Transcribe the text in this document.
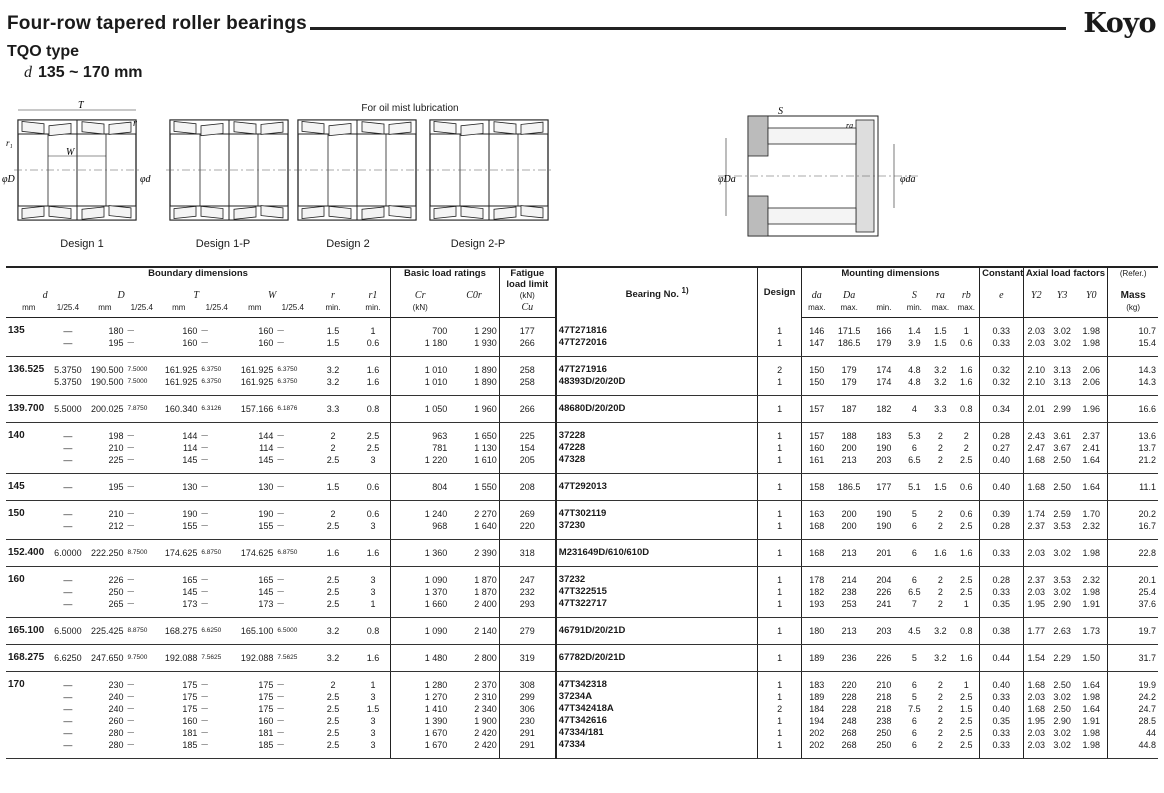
Four-row tapered roller bearings	Koyo
TQO type
d 135 ~ 170 mm
For oil mist lubrication
T
r
r₁
W
φD	φd
S
ra
φDa	φda
Design 1	Design 1-P	Design 2	Design 2-P
Boundary dimensions										Basic load ratings		Fatigue load limit	Bearing No. $^{1)}$	Design	Mounting dimensions						Constant	Axial load factors			(Refer.)
d		D		T		W		r	r1	Cr	C0r	(kN)			da	Da		S	ra	rb	e	Y2	Y3	Y0	Mass
mm	1/25.4	mm	1/25.4	mm	1/25.4	mm	1/25.4	min.	min.	(kN)		Cu			max.	max.	min.	min.	max.	max.					(kg)
135	—	180	—	160	—	160	—	1.5	1	700	1 290	177	47T271816	1	146	171.5	166	1.4	1.5	1	0.33	2.03	3.02	1.98	10.7
	—	195	—	160	—	160	—	1.5	0.6	1 180	1 930	266	47T272016	1	147	186.5	179	3.9	1.5	0.6	0.33	2.03	3.02	1.98	15.4
136.525	5.3750	190.500	7.5000	161.925	6.3750	161.925	6.3750	3.2	1.6	1 010	1 890	258	47T271916	2	150	179	174	4.8	3.2	1.6	0.32	2.10	3.13	2.06	14.3
	5.3750	190.500	7.5000	161.925	6.3750	161.925	6.3750	3.2	1.6	1 010	1 890	258	48393D/20/20D	1	150	179	174	4.8	3.2	1.6	0.32	2.10	3.13	2.06	14.3
139.700	5.5000	200.025	7.8750	160.340	6.3126	157.166	6.1876	3.3	0.8	1 050	1 960	266	48680D/20/20D	1	157	187	182	4	3.3	0.8	0.34	2.01	2.99	1.96	16.6
140	—	198	—	144	—	144	—	2	2.5	963	1 650	225	37228	1	157	188	183	5.3	2	2	0.28	2.43	3.61	2.37	13.6
	—	210	—	114	—	114	—	2	2.5	781	1 130	154	47228	1	160	200	190	6	2	2	0.27	2.47	3.67	2.41	13.7
	—	225	—	145	—	145	—	2.5	3	1 220	1 610	205	47328	1	161	213	203	6.5	2	2.5	0.40	1.68	2.50	1.64	21.2
145	—	195	—	130	—	130	—	1.5	0.6	804	1 550	208	47T292013	1	158	186.5	177	5.1	1.5	0.6	0.40	1.68	2.50	1.64	11.1
150	—	210	—	190	—	190	—	2	0.6	1 240	2 270	269	47T302119	1	163	200	190	5	2	0.6	0.39	1.74	2.59	1.70	20.2
	—	212	—	155	—	155	—	2.5	3	968	1 640	220	37230	1	168	200	190	6	2	2.5	0.28	2.37	3.53	2.32	16.7
152.400	6.0000	222.250	8.7500	174.625	6.8750	174.625	6.8750	1.6	1.6	1 360	2 390	318	M231649D/610/610D	1	168	213	201	6	1.6	1.6	0.33	2.03	3.02	1.98	22.8
160	—	226	—	165	—	165	—	2.5	3	1 090	1 870	247	37232	1	178	214	204	6	2	2.5	0.28	2.37	3.53	2.32	20.1
	—	250	—	145	—	145	—	2.5	3	1 370	1 870	232	47T322515	1	182	238	226	6.5	2	2.5	0.33	2.03	3.02	1.98	25.4
	—	265	—	173	—	173	—	2.5	1	1 660	2 400	293	47T322717	1	193	253	241	7	2	1	0.35	1.95	2.90	1.91	37.6
165.100	6.5000	225.425	8.8750	168.275	6.6250	165.100	6.5000	3.2	0.8	1 090	2 140	279	46791D/20/21D	1	180	213	203	4.5	3.2	0.8	0.38	1.77	2.63	1.73	19.7
168.275	6.6250	247.650	9.7500	192.088	7.5625	192.088	7.5625	3.2	1.6	1 480	2 800	319	67782D/20/21D	1	189	236	226	5	3.2	1.6	0.44	1.54	2.29	1.50	31.7
170	—	230	—	175	—	175	—	2	1	1 280	2 370	308	47T342318	1	183	220	210	6	2	1	0.40	1.68	2.50	1.64	19.9
	—	240	—	175	—	175	—	2.5	3	1 270	2 310	299	37234A	1	189	228	218	5	2	2.5	0.33	2.03	3.02	1.98	24.2
	—	240	—	175	—	175	—	2.5	1.5	1 410	2 340	306	47T342418A	2	184	228	218	7.5	2	1.5	0.40	1.68	2.50	1.64	24.7
	—	260	—	160	—	160	—	2.5	3	1 390	1 900	230	47T342616	1	194	248	238	6	2	2.5	0.35	1.95	2.90	1.91	28.5
	—	280	—	181	—	181	—	2.5	3	1 670	2 420	291	47334/181	1	202	268	250	6	2	2.5	0.33	2.03	3.02	1.98	44
	—	280	—	185	—	185	—	2.5	3	1 670	2 420	291	47334	1	202	268	250	6	2	2.5	0.33	2.03	3.02	1.98	44.8
